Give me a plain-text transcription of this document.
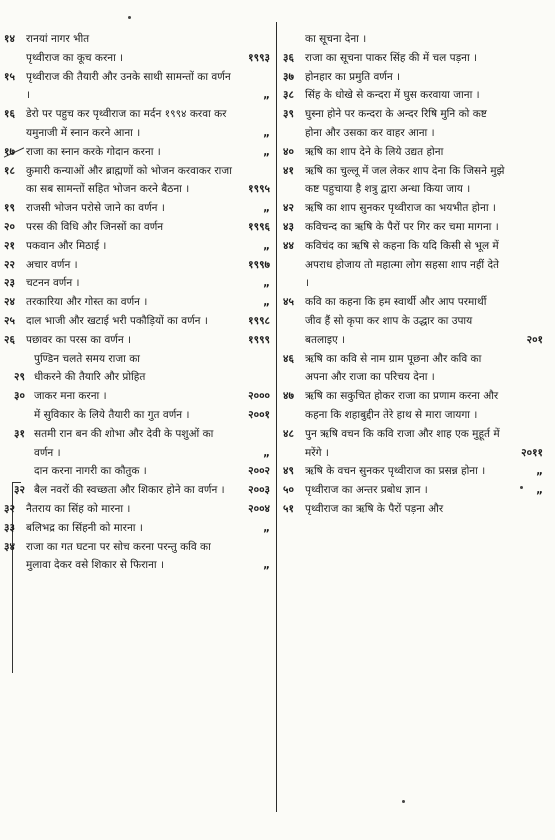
१४	रानयां नागर भीत
पृथ्वीराज का कूच करना ।	१९९३
१५	पृथ्वीराज की तैयारी और उनके साथी सामन्तों का वर्णन ।	„
१६	डेरो पर पहुच कर पृथ्वीराज का मर्दन १९९४ करवा कर यमुनाजी में स्नान करने आना ।	„
१७	राजा का स्नान करके गोदान करना ।	„
१८	कुमारी कन्याओं और ब्राह्मणों को भोजन करवाकर राजा का सब सामन्तों सहित भोजन करने बैठना ।	१९९५
१९	राजसी भोजन परोसे जाने का वर्णन ।	„
२०	परस की विधि और जिनसों का वर्णन	१९९६
२१	पकवान और मिठाई ।	„
२२	अचार वर्णन ।	१९९७
२३	चटनन वर्णन ।	„
२४	तरकारिया और गोस्त का वर्णन ।	„
२५	दाल भाजी और खटाई भरी पकौड़ियों का वर्णन ।	१९९८
२६	पछावर का परस का वर्णन ।	१९९९
पुण्डिन चलते समय राजा का
२९ धीकरने की तैयारि और प्रोहित
३० जाकर मना करना ।	२०००
में सुविकार के लिये तैयारी का गुत वर्णन ।	२००१
३१ सतमी रान बन की शोभा और देवी के पशुओं का वर्णन ।	„
दान करना नागरी का कौतुक ।	२००२
३२ बैल नवरों की स्वच्छता और शिकार होने का वर्णन ।	२००३
३२	नैतराय का सिंह को मारना ।	२००४
३३	बलिभद्र का सिंहनी को मारना ।	„
३४	राजा का गत घटना पर सोच करना परन्तु कवि का मुलावा देकर वसे शिकार से फिराना ।	„
का सूचना देना ।
३६	राजा का सूचना पाकर सिंह की में चल पड़ना ।
३७	होनहार का प्रमुति वर्णन ।
३८	सिंह के धोखे से कन्दरा में घुस करवाया जाना ।
३९	घुस्ना होने पर कन्दरा के अन्दर रिषि मुनि को कष्ट होना और उसका कर वाहर आना ।
४०	ऋषि का शाप देने के लिये उद्यत होना
४१	ऋषि का चुल्लू में जल लेकर शाप देना कि जिसने मुझे कष्ट पहुचाया है शत्रु द्वारा अन्धा किया जाय ।
४२	ऋषि का शाप सुनकर पृथ्वीराज का भयभीत होना ।
४३	कविचन्द का ऋषि के पैरों पर गिर कर चमा मागना ।
४४	कविचंद का ऋषि से कहना कि यदि किसी से भूल में अपराध होजाय तो महात्मा लोग सहसा शाप नहीं देते ।
४५	कवि का कहना कि हम स्वार्थी और आप परमार्थी जीव हैं सो कृपा कर शाप के उद्धार का उपाय बतलाइए ।	२०१
४६	ऋषि का कवि से नाम ग्राम पूछना और कवि का अपना और राजा का परिचय देना ।
४७	ऋषि का सकुचित होकर राजा का प्रणाम करना और कहना कि शहाबुद्दीन तेरे हाथ से मारा जायगा ।
४८	पुन ऋषि वचन कि कवि राजा और शाह एक मुहूर्त में मरेंगे ।	२०११
४९	ऋषि के वचन सुनकर पृथ्वीराज का प्रसन्न होना ।	„
५०	पृथ्वीराज का अन्तर प्रबोध ज्ञान ।	„
५१	पृथ्वीराज का ऋषि के पैरों पड़ना और
